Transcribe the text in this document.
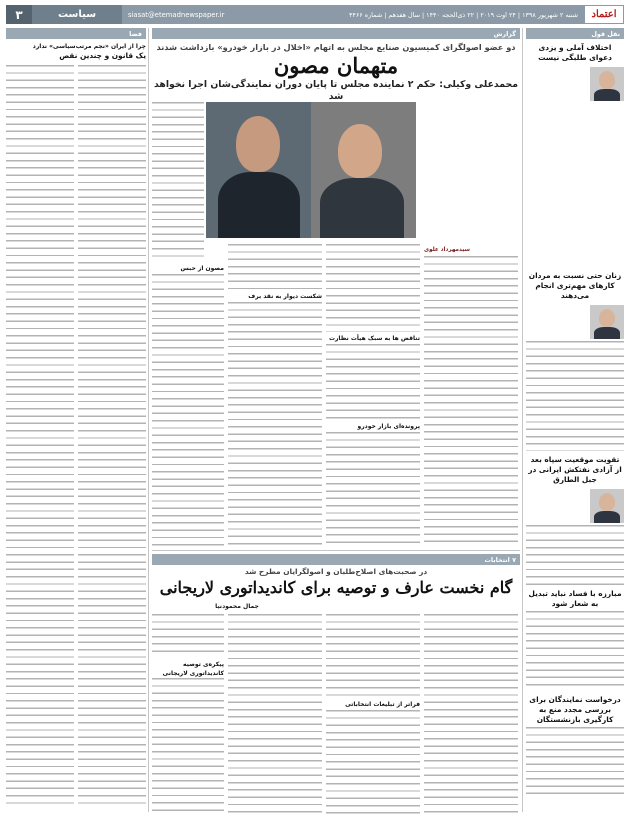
اعتماد
شنبه ۲ شهریور ۱۳۹۸ | ۲۴ اوت ۲۰۱۹ | ۲۲ ذی‌الحجه ۱۴۴۰ | سال هفدهم | شماره ۴۴۶۶
siasat@etemadnewspaper.ir
سیاست
۳
نقل قول
اختلاف آملی و یزدی دعوای طلبگی نیست
زنان حتی نسبت به مردان کارهای مهم‌تری انجام می‌دهند
تقویت موقعیت سپاه بعد از آزادی نفتکش ایرانی در جبل الطارق
مبارزه با فساد نباید تبدیل به شعار شود
درخواست نمایندگان برای بررسی مجدد منع به کارگیری بازنشستگان
گزارش
دو عضو اصولگرای کمیسیون صنایع مجلس به اتهام «اخلال در بازار خودرو» بازداشت شدند
متهمان مصون
محمدعلی وکیلی: حکم ۲ نماینده مجلس تا پایان دوران نمایندگی‌شان اجرا نخواهد شد
سیدمهرداد علوی
تناقض ها به سبک هیأت نظارت
پرونده‌ای بازار خودرو
شکست دیوار به نقد برف
مصون از حبس
۷ انتخابات
در صحبت‌های اصلاح‌طلبان و اصولگرایان مطرح شد
گام نخست عارف و توصیه برای کاندیداتوری لاریجانی
جمال محمودنیا
فراتر از تبلیغات انتخاباتی
پیکره‌ی توصیه کاندیداتوری لاریجانی
فضا
چرا از ایران «نجم مرتب‌سیاسی» ندارد
یک قانون و چندین نقص
